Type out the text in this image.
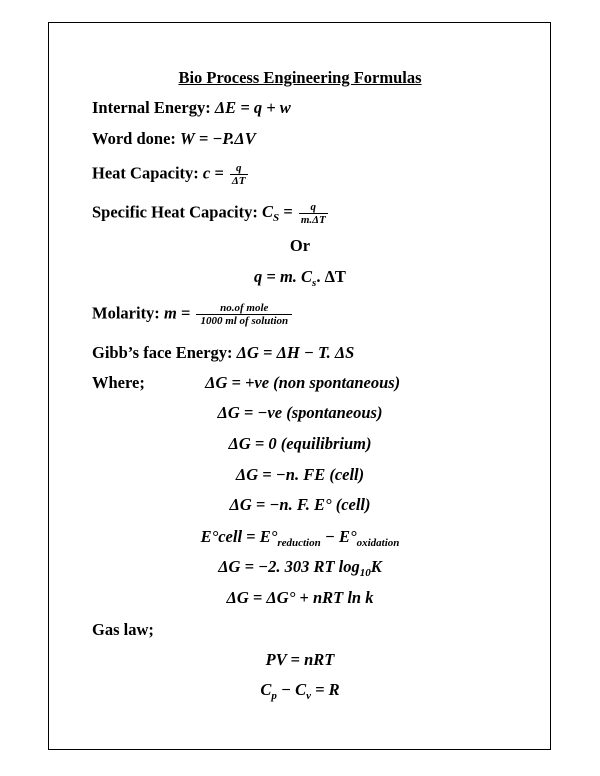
Bio Process Engineering Formulas
Internal Energy: ΔE = q + w
Word done: W = −P.ΔV
Heat Capacity: $c = \frac{q}{\Delta T}$
Specific Heat Capacity: $C_S = \frac{q}{m.\Delta T}$
Or
q = m. $C_s$. ΔT
Molarity: $m = \frac{\text{no.of mole}}{\text{1000 ml of solution}}$
Gibb’s face Energy: ΔG = ΔH − T. ΔS
Where;	ΔG = +ve (non spontaneous)
ΔG = −ve (spontaneous)
ΔG = 0 (equilibrium)
ΔG = −n. FE (cell)
ΔG = −n. F. E° (cell)
E°cell = $E^\circ_{reduction} - E^\circ_{oxidation}$
ΔG = −2. 303 RT $\log_{10}K$
ΔG = ΔG° + nRT ln k
Gas law;
PV = nRT
$C_p - C_v = R$
